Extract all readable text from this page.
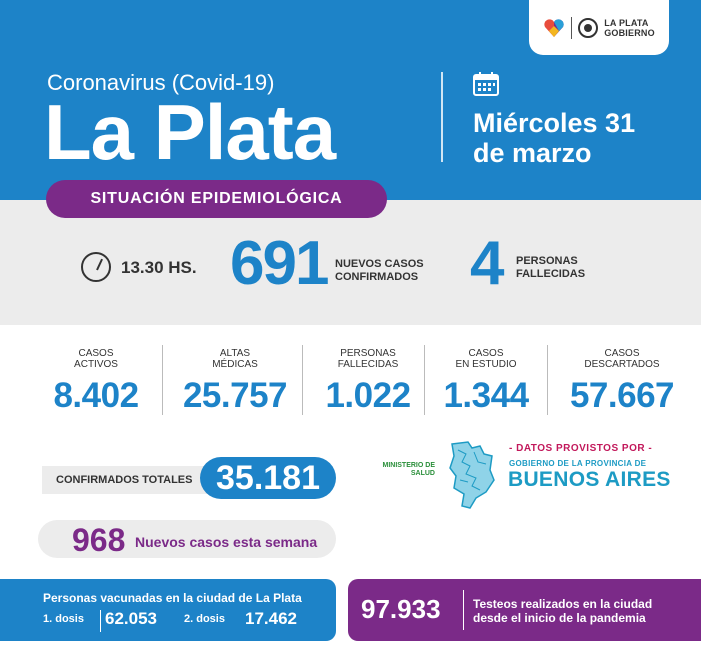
LA PLATA
GOBIERNO
Coronavirus (Covid-19)
La Plata	Miércoles 31
de marzo
SITUACIÓN EPIDEMIOLÓGICA
13.30 HS. 691 NUEVOS CASOS
CONFIRMADOS 4 PERSONAS
FALLECIDAS
CASOS
ACTIVOS
8.402
ALTAS
MÉDICAS
25.757
PERSONAS
FALLECIDAS
1.022
CASOS
EN ESTUDIO
1.344
CASOS
DESCARTADOS
57.667
CONFIRMADOS TOTALES 35.181
968 Nuevos casos esta semana
MINISTERIO DE
SALUD
- DATOS PROVISTOS POR -
GOBIERNO DE LA PROVINCIA DE
BUENOS AIRES
Personas vacunadas en la ciudad de La Plata
1. dosis 62.053 2. dosis 17.462 97.933	Testeos realizados en la ciudad
desde el inicio de la pandemia
